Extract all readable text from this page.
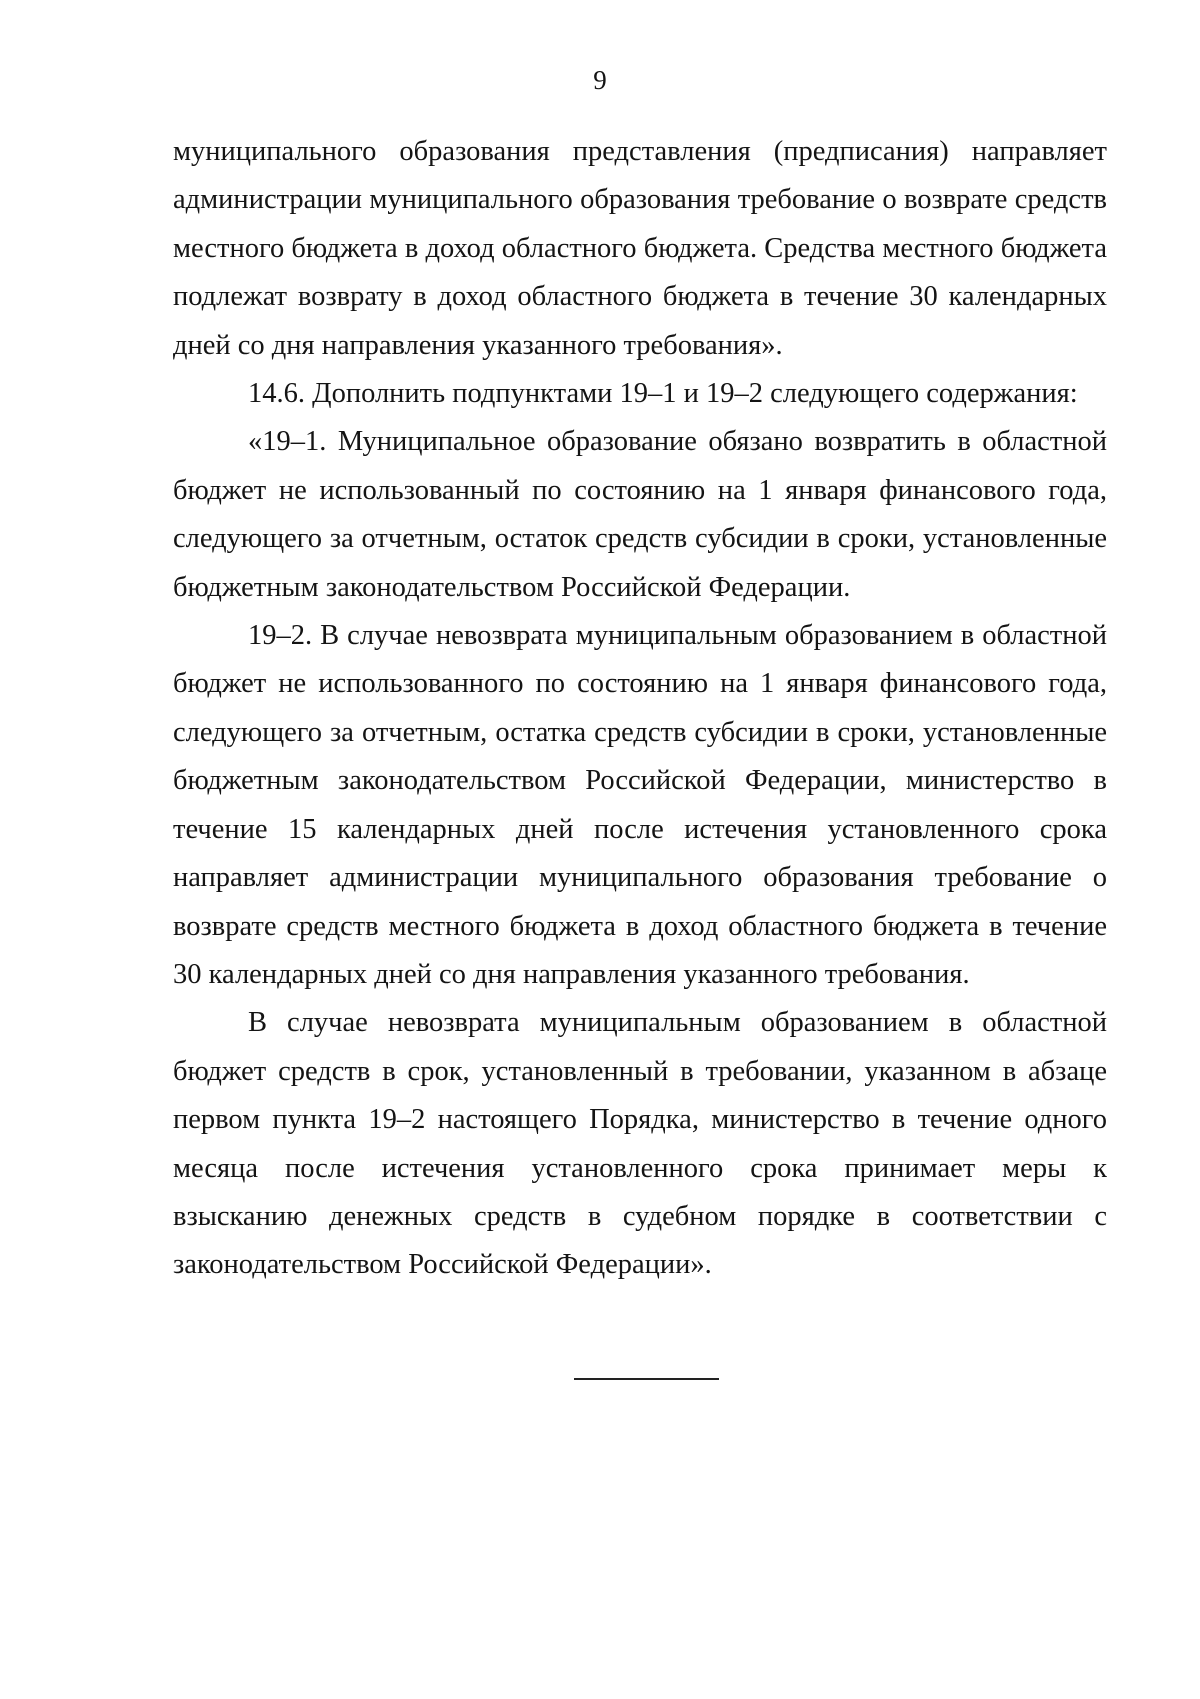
9

муниципального образования представления (предписания) направляет администрации муниципального образования требование о возврате средств местного бюджета в доход областного бюджета. Средства местного бюджета подлежат возврату в доход областного бюджета в течение 30 календарных дней со дня направления указанного требования».

14.6. Дополнить подпунктами 19–1 и 19–2 следующего содержания:

«19–1. Муниципальное образование обязано возвратить в областной бюджет не использованный по состоянию на 1 января финансового года, следующего за отчетным, остаток средств субсидии в сроки, установленные бюджетным законодательством Российской Федерации.

19–2. В случае невозврата муниципальным образованием в областной бюджет не использованного по состоянию на 1 января финансового года, следующего за отчетным, остатка средств субсидии в сроки, установленные бюджетным законодательством Российской Федерации, министерство в течение 15 календарных дней после истечения установленного срока направляет администрации муниципального образования требование о возврате средств местного бюджета в доход областного бюджета в течение 30 календарных дней со дня направления указанного требования.

В случае невозврата муниципальным образованием в областной бюджет средств в срок, установленный в требовании, указанном в абзаце первом пункта 19–2 настоящего Порядка, министерство в течение одного месяца после истечения установленного срока принимает меры к взысканию денежных средств в судебном порядке в соответствии с законодательством Российской Федерации».
